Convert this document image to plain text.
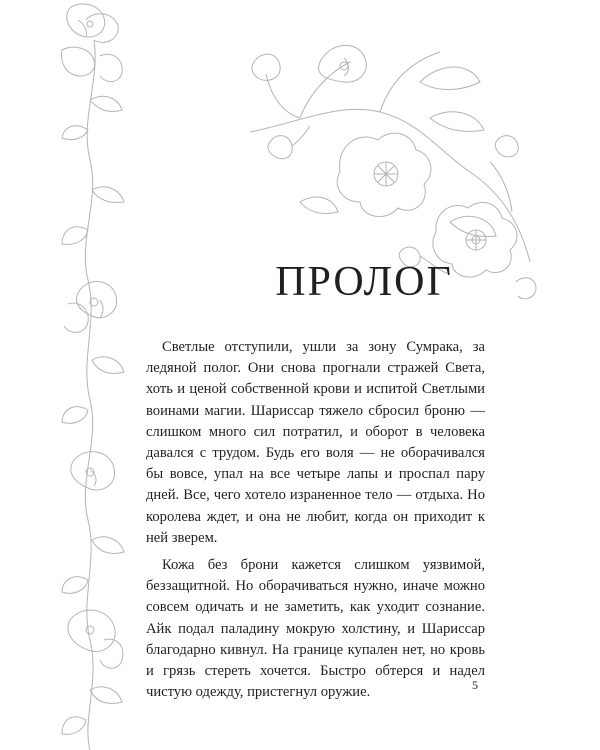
ПРОЛОГ

Светлые отступили, ушли за зону Сумрака, за ледяной полог. Они снова прогнали стражей Света, хоть и ценой собственной крови и испитой Светлыми воинами магии. Шариссар тяжело сбросил броню — слишком много сил потратил, и оборот в человека давался с трудом. Будь его воля — не оборачивался бы вовсе, упал на все четыре лапы и проспал пару дней. Все, чего хотело израненное тело — отдыха. Но королева ждет, и она не любит, когда он приходит к ней зверем.

Кожа без брони кажется слишком уязвимой, беззащитной. Но оборачиваться нужно, иначе можно совсем одичать и не заметить, как уходит сознание. Айк подал паладину мокрую холстину, и Шариссар благодарно кивнул. На границе купален нет, но кровь и грязь стереть хочется. Быстро обтерся и надел чистую одежду, пристегнул оружие.	5
